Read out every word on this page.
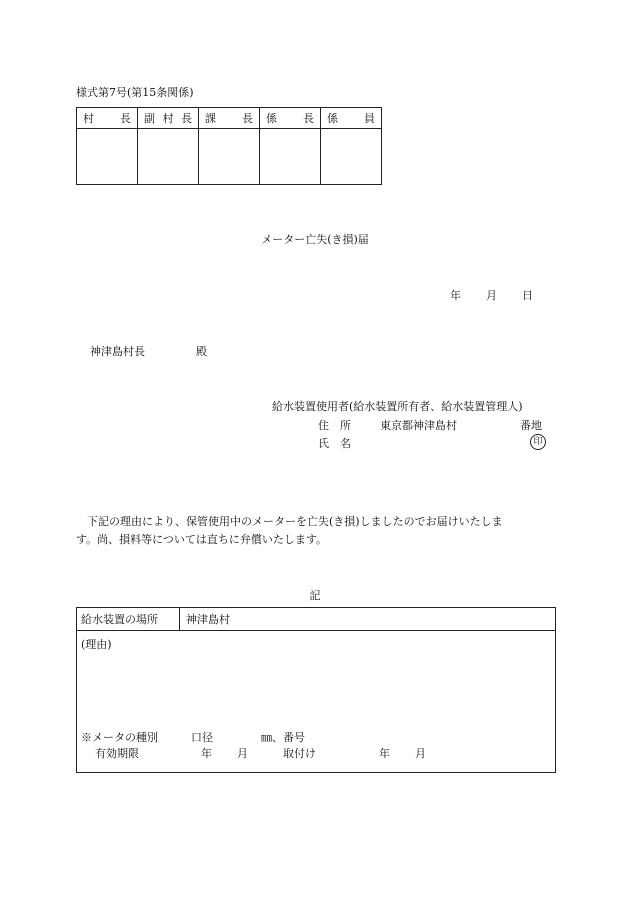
様式第7号(第15条関係)
村 長	副 村 長	課 長	係 長	係 員

メーター亡失(き損)届
年 月 日
神津島村長	殿
給水装置使用者(給水装置所有者、給水装置管理人)
住　所	東京都神津島村	番地
氏　名	印
　下記の理由により、保管使用中のメーターを亡失(き損)しましたのでお届けいたしま
す。尚、損料等については直ちに弁償いたします。
記
給水装置の場所	神津島村

(理由)
※メータの種別	口径	㎜、番号
有効期限	年 月	取付け	年 月
